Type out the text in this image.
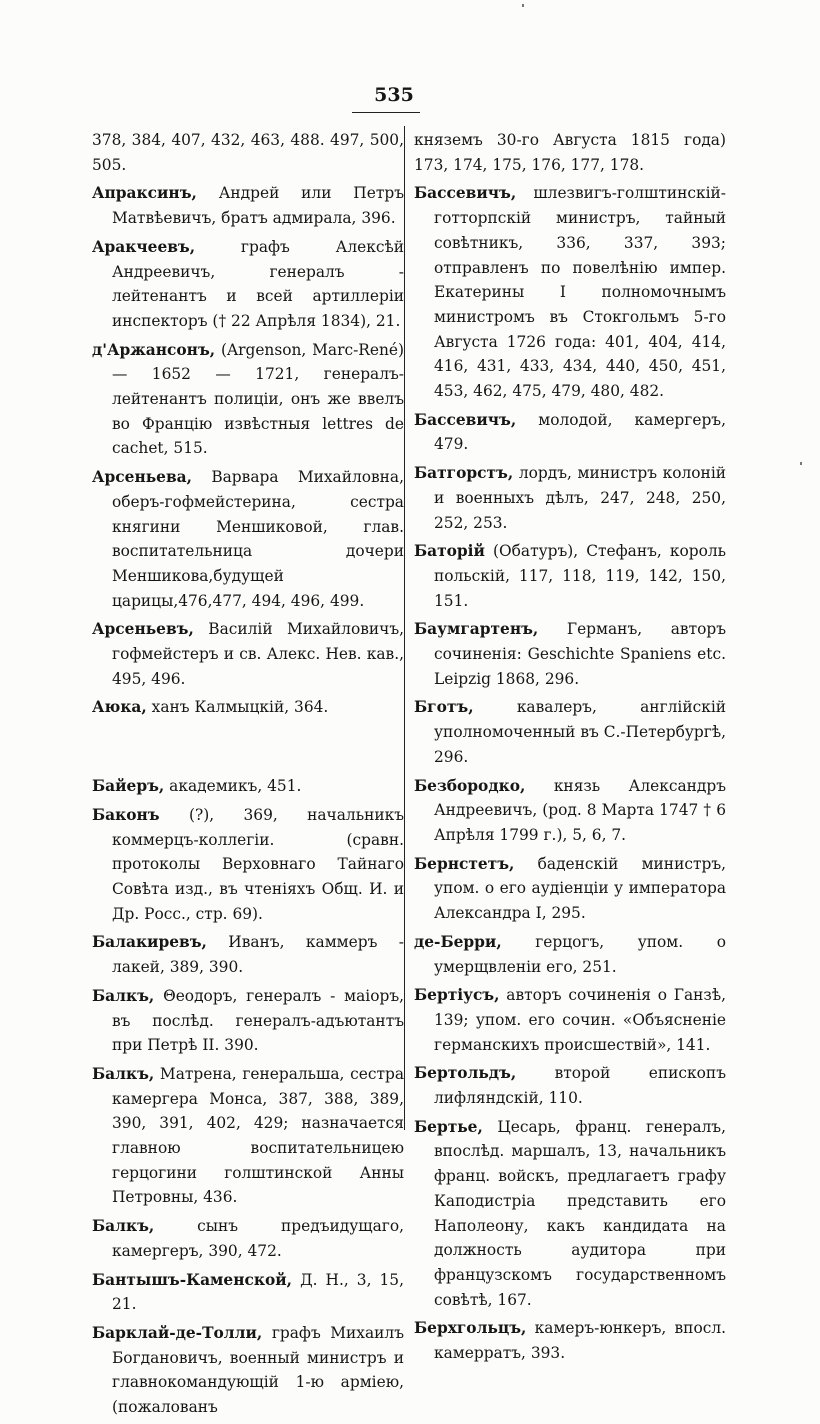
535

378, 384, 407, 432, 463, 488. 497, 500, 505.

Апраксинъ, Андрей или Петръ Матвѣевичъ, братъ адмирала, 396.

Аракчеевъ, графъ Алексѣй Андреевичъ, генералъ - лейтенантъ и всей артиллеріи инспекторъ († 22 Апрѣля 1834), 21.

д'Аржансонъ, (Argenson, Marc-René)— 1652 — 1721, генералъ-лейтенантъ полиціи, онъ же ввелъ во Францію извѣстныя lettres de cachet, 515.

Арсеньева, Варвара Михайловна, оберъ-гофмейстерина, сестра княгини Меншиковой, глав. воспитательница дочери Меншикова,будущей царицы,476,477, 494, 496, 499.

Арсеньевъ, Василій Михайловичъ, гофмейстеръ и св. Алекс. Нев. кав., 495, 496.

Аюка, ханъ Калмыцкій, 364.

Байеръ, академикъ, 451.

Баконъ (?), 369, начальникъ коммерцъ-коллегіи. (сравн. протоколы Верховнаго Тайнаго Совѣта изд., въ чтеніяхъ Общ. И. и Др. Росс., стр. 69).

Балакиревъ, Иванъ, каммеръ - лакей, 389, 390.

Балкъ, Θеодоръ, генералъ - маіоръ, въ послѣд. генералъ-адъютантъ при Петрѣ II. 390.

Балкъ, Матрена, генеральша, сестра камергера Монса, 387, 388, 389, 390, 391, 402, 429; назначается главною воспитательницею герцогини голштинской Анны Петровны, 436.

Балкъ, сынъ предъидущаго, камергеръ, 390, 472.

Бантышъ-Каменской, Д. Н., 3, 15, 21.

Барклай-де-Толли, графъ Михаилъ Богдановичъ, военный министръ и главнокомандующій 1-ю арміею, (пожалованъ

княземъ 30-го Августа 1815 года) 173, 174, 175, 176, 177, 178.

Бассевичъ, шлезвигъ-голштинскій-готторпскій министръ, тайный совѣтникъ, 336, 337, 393; отправленъ по повелѣнію импер. Екатерины I полномочнымъ министромъ въ Стокгольмъ 5-го Августа 1726 года: 401, 404, 414, 416, 431, 433, 434, 440, 450, 451, 453, 462, 475, 479, 480, 482.

Бассевичъ, молодой, камергеръ, 479.

Батгорстъ, лордъ, министръ колоній и военныхъ дѣлъ, 247, 248, 250, 252, 253.

Баторій (Обатуръ), Стефанъ, король польскій, 117, 118, 119, 142, 150, 151.

Баумгартенъ, Германъ, авторъ сочиненія: Geschichte Spaniens etc. Leipzig 1868, 296.

Бготъ, кавалеръ, англійскій уполномоченный въ С.-Петербургѣ, 296.

Безбородко, князь Александръ Андреевичъ, (род. 8 Марта 1747 † 6 Апрѣля 1799 г.), 5, 6, 7.

Бернстетъ, баденскій министръ, упом. о его аудіенціи у императора Александра I, 295.

де-Берри, герцогъ, упом. о умерщвленіи его, 251.

Бертіусъ, авторъ сочиненія о Ганзѣ, 139; упом. его сочин. «Объясненіе германскихъ происшествій», 141.

Бертольдъ, второй епископъ лифляндскій, 110.

Бертье, Цесарь, франц. генералъ, впослѣд. маршалъ, 13, начальникъ франц. войскъ, предлагаетъ графу Каподистріа представить его Наполеону, какъ кандидата на должность аудитора при французскомъ государственномъ совѣтѣ, 167.

Берхгольцъ, камеръ-юнкеръ, впосл. камерратъ, 393.
